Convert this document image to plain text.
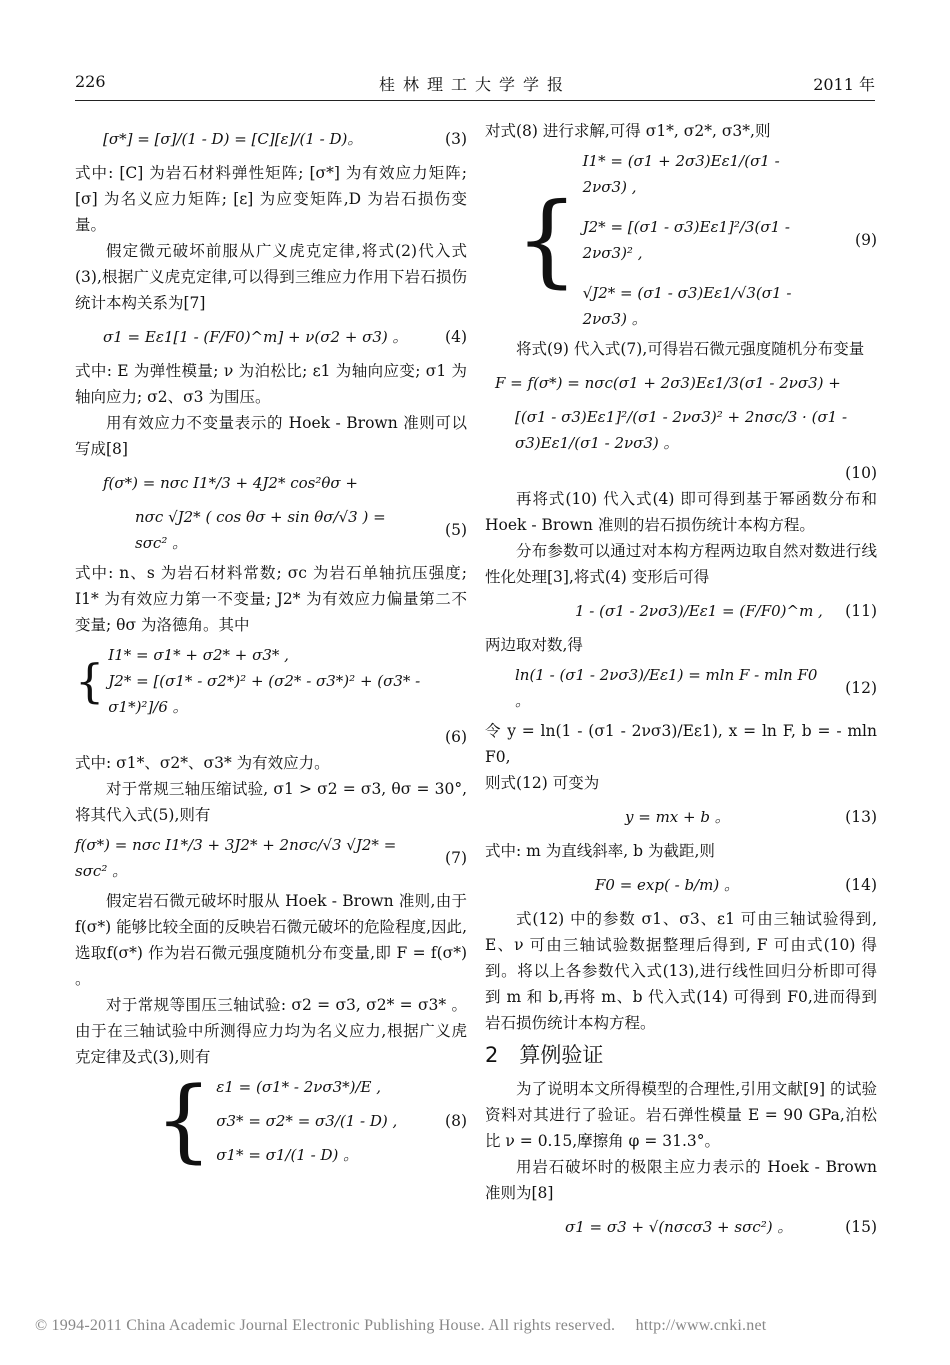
226	桂林理工大学学报	2011 年
[σ*] = [σ]/(1 - D) = [C][ε]/(1 - D)。	(3)

式中: [C] 为岩石材料弹性矩阵; [σ*] 为有效应力矩阵; [σ] 为名义应力矩阵; [ε] 为应变矩阵,D 为岩石损伤变量。

假定微元破坏前服从广义虎克定律,将式(2)代入式(3),根据广义虎克定律,可以得到三维应力作用下岩石损伤统计本构关系为[7]

σ1 = Eε1[1 - (F/F0)^m] + ν(σ2 + σ3) 。	(4)

式中: E 为弹性模量; ν 为泊松比; ε1 为轴向应变; σ1 为轴向应力; σ2、σ3 为围压。

用有效应力不变量表示的 Hoek - Brown 准则可以写成[8]

f(σ*) = nσc I1*/3 + 4J2* cos²θσ +
nσc √J2* ( cos θσ + sin θσ/√3 ) = sσc² 。
(5)

式中: n、s 为岩石材料常数; σc 为岩石单轴抗压强度; I1* 为有效应力第一不变量; J2* 为有效应力偏量第二不变量; θσ 为洛德角。其中

{ I1* = σ1* + σ2* + σ3* ,
J2* = [(σ1* - σ2*)² + (σ2* - σ3*)² + (σ3* - σ1*)²]/6 。
(6)

式中: σ1*、σ2*、σ3* 为有效应力。

对于常规三轴压缩试验, σ1 > σ2 = σ3, θσ = 30°,将其代入式(5),则有

f(σ*) = nσc I1*/3 + 3J2* + 2nσc/√3 √J2* = sσc² 。
(7)

假定岩石微元破坏时服从 Hoek - Brown 准则,由于f(σ*) 能够比较全面的反映岩石微元破坏的危险程度,因此,选取f(σ*) 作为岩石微元强度随机分布变量,即 F = f(σ*) 。

对于常规等围压三轴试验: σ2 = σ3, σ2* = σ3* 。由于在三轴试验中所测得应力均为名义应力,根据广义虎克定律及式(3),则有

{ ε1 = (σ1* - 2νσ3*)/E ,
σ3* = σ2* = σ3/(1 - D) ,
σ1* = σ1/(1 - D) 。
(8)

对式(8) 进行求解,可得 σ1*, σ2*, σ3*,则

{
I1* = (σ1 + 2σ3)Eε1/(σ1 - 2νσ3) ,
J2* = [(σ1 - σ3)Eε1]²/3(σ1 - 2νσ3)² ,
√J2* = (σ1 - σ3)Eε1/√3(σ1 - 2νσ3) 。
(9)

将式(9) 代入式(7),可得岩石微元强度随机分布变量

F = f(σ*) = nσc(σ1 + 2σ3)Eε1/3(σ1 - 2νσ3) +
[(σ1 - σ3)Eε1]²/(σ1 - 2νσ3)² + 2nσc/3 · (σ1 - σ3)Eε1/(σ1 - 2νσ3) 。
(10)

再将式(10) 代入式(4) 即可得到基于幂函数分布和 Hoek - Brown 准则的岩石损伤统计本构方程。

分布参数可以通过对本构方程两边取自然对数进行线性化处理[3],将式(4) 变形后可得

1 - (σ1 - 2νσ3)/Eε1 = (F/F0)^m ,	(11)

两边取对数,得

ln(1 - (σ1 - 2νσ3)/Eε1) = mln F - mln F0 。
(12)

令 y = ln(1 - (σ1 - 2νσ3)/Eε1), x = ln F, b = - mln F0,

则式(12) 可变为

y = mx + b 。	(13)

式中: m 为直线斜率, b 为截距,则

F0 = exp( - b/m) 。	(14)

式(12) 中的参数 σ1、σ3、ε1 可由三轴试验得到, E、ν 可由三轴试验数据整理后得到, F 可由式(10) 得到。将以上各参数代入式(13),进行线性回归分析即可得到 m 和 b,再将 m、b 代入式(14) 可得到 F0,进而得到岩石损伤统计本构方程。

2　算例验证

为了说明本文所得模型的合理性,引用文献[9] 的试验资料对其进行了验证。岩石弹性模量 E = 90 GPa,泊松比 ν = 0.15,摩擦角 φ = 31.3°。

用岩石破坏时的极限主应力表示的 Hoek - Brown 准则为[8]

σ1 = σ3 + √(nσcσ3 + sσc²) 。	(15)
© 1994-2011 China Academic Journal Electronic Publishing House. All rights reserved.　 http://www.cnki.net
